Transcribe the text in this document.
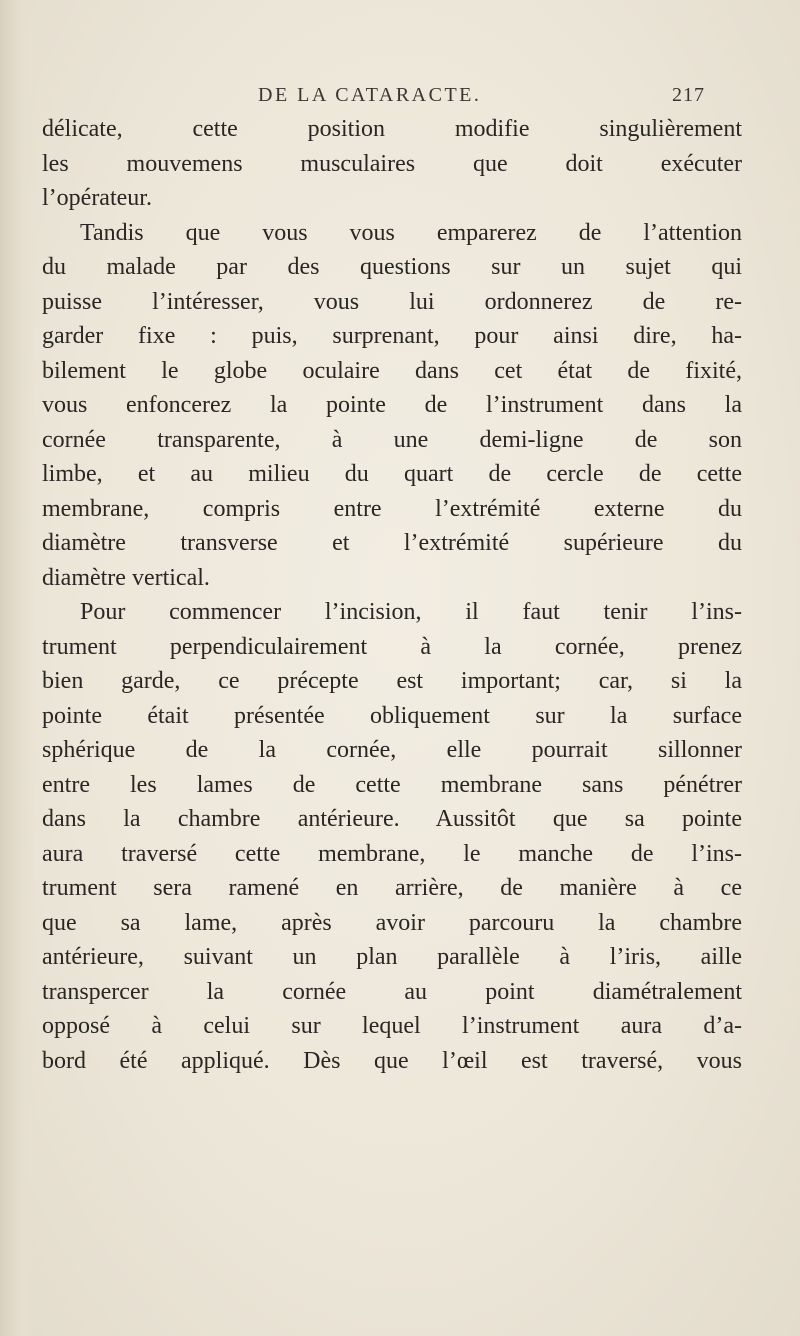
DE LA CATARACTE.	217
délicate, cette position modifie singulièrement
les mouvemens musculaires que doit exécuter
l’opérateur.
Tandis que vous vous emparerez de l’attention
du malade par des questions sur un sujet qui
puisse l’intéresser, vous lui ordonnerez de re-
garder fixe : puis, surprenant, pour ainsi dire, ha-
bilement le globe oculaire dans cet état de fixité,
vous enfoncerez la pointe de l’instrument dans la
cornée transparente, à une demi-ligne de son
limbe, et au milieu du quart de cercle de cette
membrane, compris entre l’extrémité externe du
diamètre transverse et l’extrémité supérieure du
diamètre vertical.
Pour commencer l’incision, il faut tenir l’ins-
trument perpendiculairement à la cornée, prenez
bien garde, ce précepte est important; car, si la
pointe était présentée obliquement sur la surface
sphérique de la cornée, elle pourrait sillonner
entre les lames de cette membrane sans pénétrer
dans la chambre antérieure. Aussitôt que sa pointe
aura traversé cette membrane, le manche de l’ins-
trument sera ramené en arrière, de manière à ce
que sa lame, après avoir parcouru la chambre
antérieure, suivant un plan parallèle à l’iris, aille
transpercer la cornée au point diamétralement
opposé à celui sur lequel l’instrument aura d’a-
bord été appliqué. Dès que l’œil est traversé, vous
